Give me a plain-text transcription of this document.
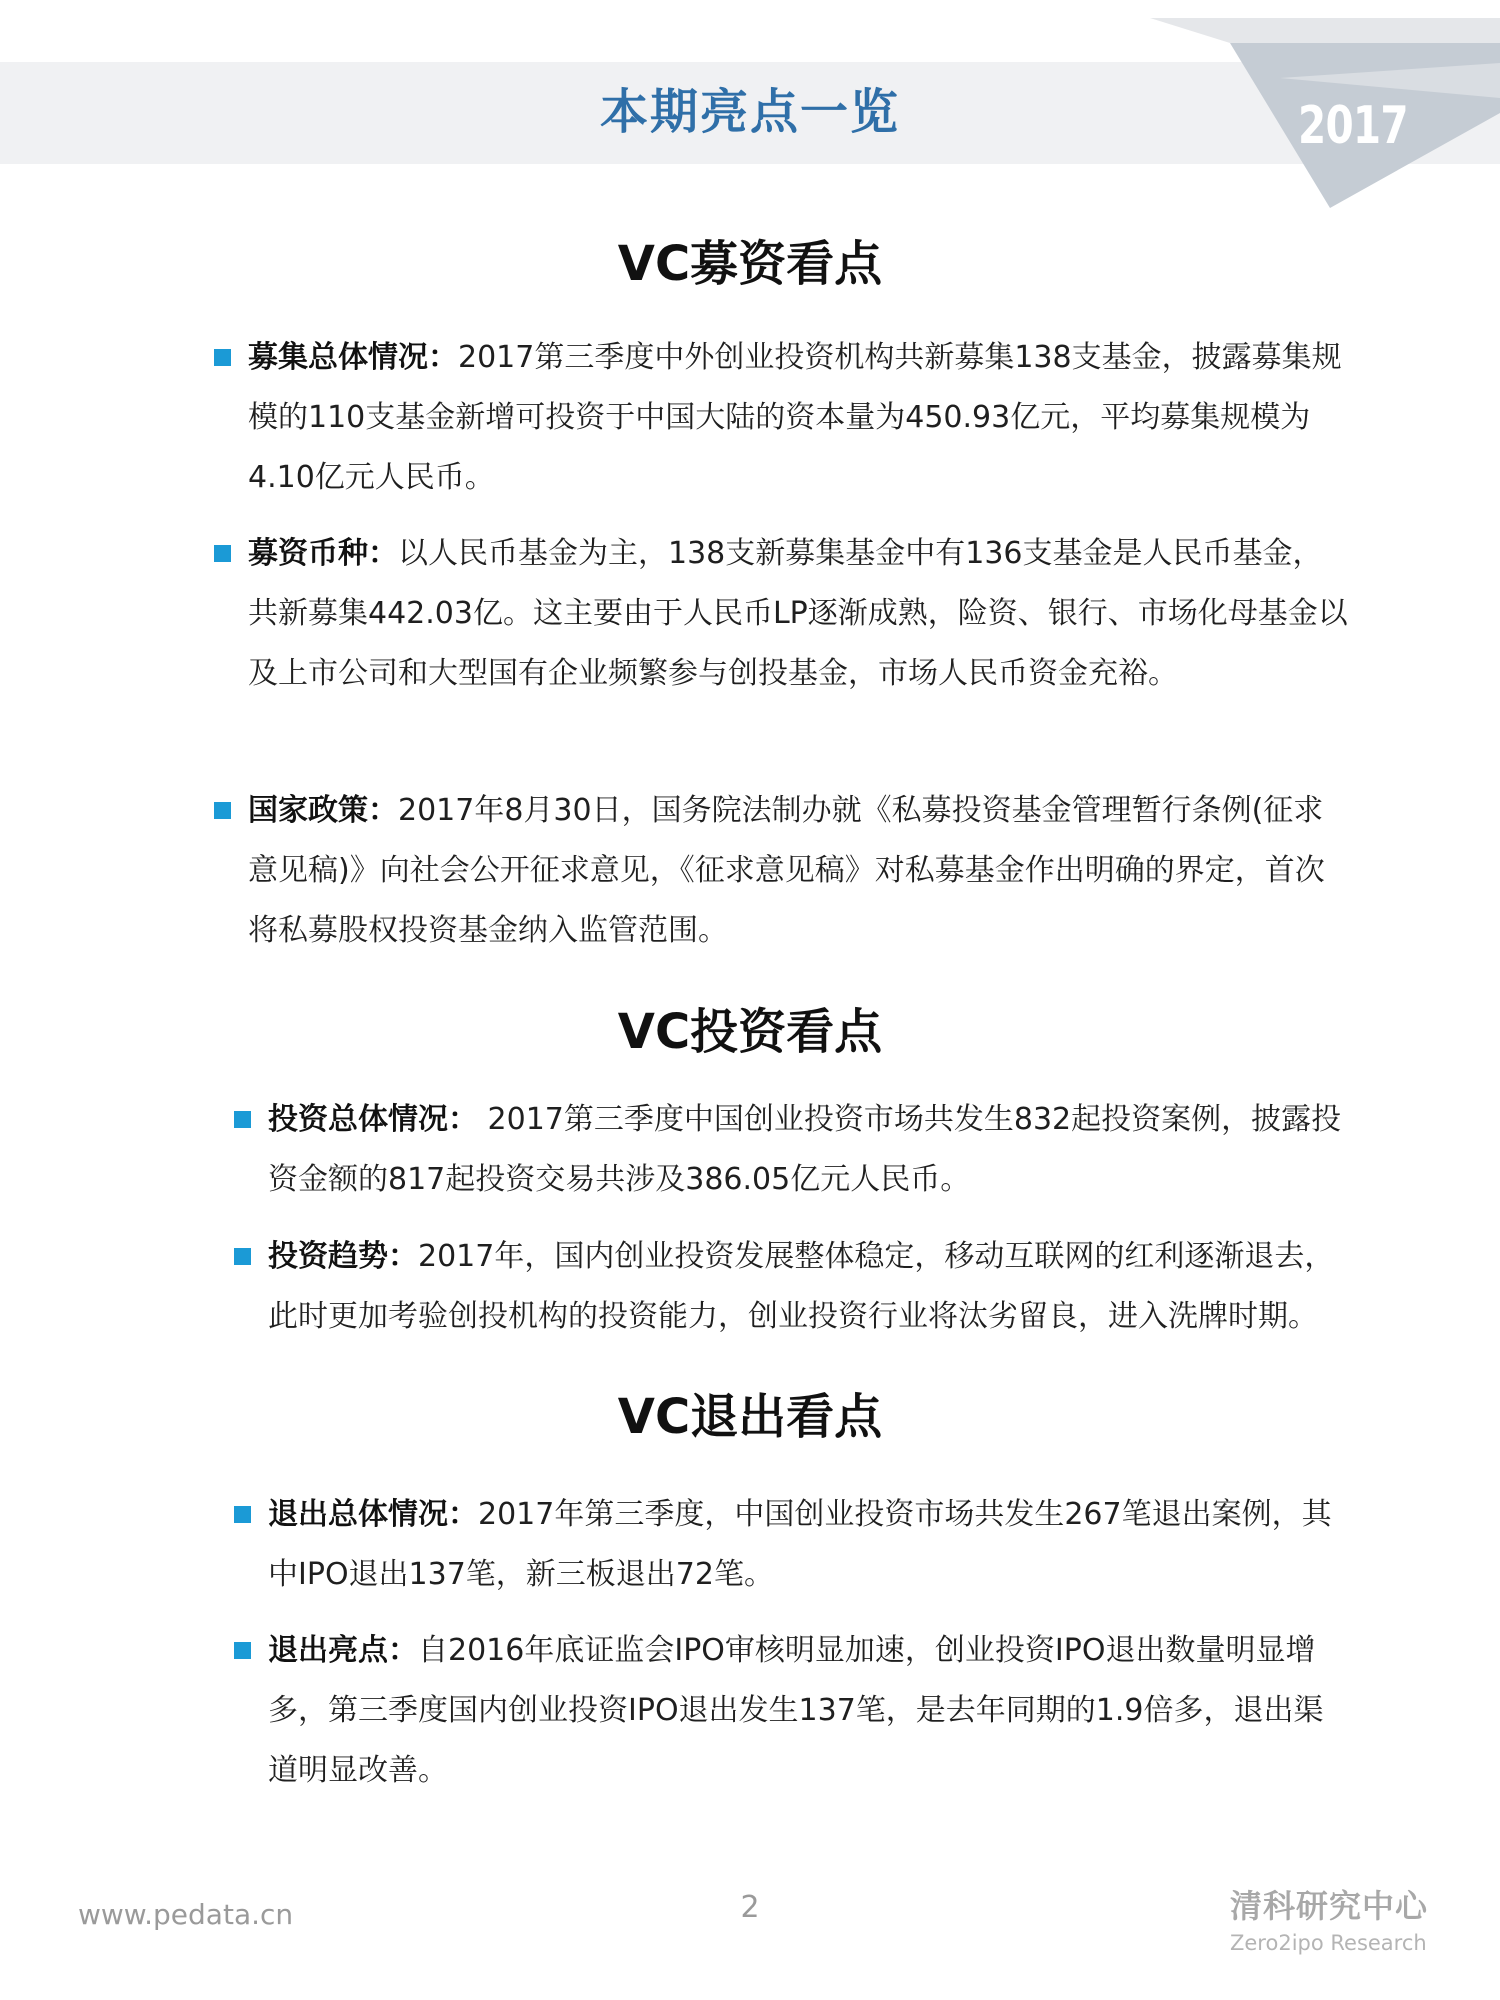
本期亮点一览	2017
VC募资看点
募集总体情况：2017第三季度中外创业投资机构共新募集138支基金，披露募集规模的110支基金新增可投资于中国大陆的资本量为450.93亿元，平均募集规模为4.10亿元人民币。
募资币种：以人民币基金为主，138支新募集基金中有136支基金是人民币基金，共新募集442.03亿。这主要由于人民币LP逐渐成熟，险资、银行、市场化母基金以及上市公司和大型国有企业频繁参与创投基金，市场人民币资金充裕。
国家政策：2017年8月30日，国务院法制办就《私募投资基金管理暂行条例(征求意见稿)》向社会公开征求意见，《征求意见稿》对私募基金作出明确的界定，首次将私募股权投资基金纳入监管范围。
VC投资看点
投资总体情况： 2017第三季度中国创业投资市场共发生832起投资案例，披露投资金额的817起投资交易共涉及386.05亿元人民币。
投资趋势：2017年，国内创业投资发展整体稳定，移动互联网的红利逐渐退去，此时更加考验创投机构的投资能力，创业投资行业将汰劣留良，进入洗牌时期。
VC退出看点
退出总体情况：2017年第三季度，中国创业投资市场共发生267笔退出案例，其中IPO退出137笔，新三板退出72笔。
退出亮点：自2016年底证监会IPO审核明显加速，创业投资IPO退出数量明显增多，第三季度国内创业投资IPO退出发生137笔，是去年同期的1.9倍多，退出渠道明显改善。
www.pedata.cn	2	清科研究中心
Zero2ipo Research
